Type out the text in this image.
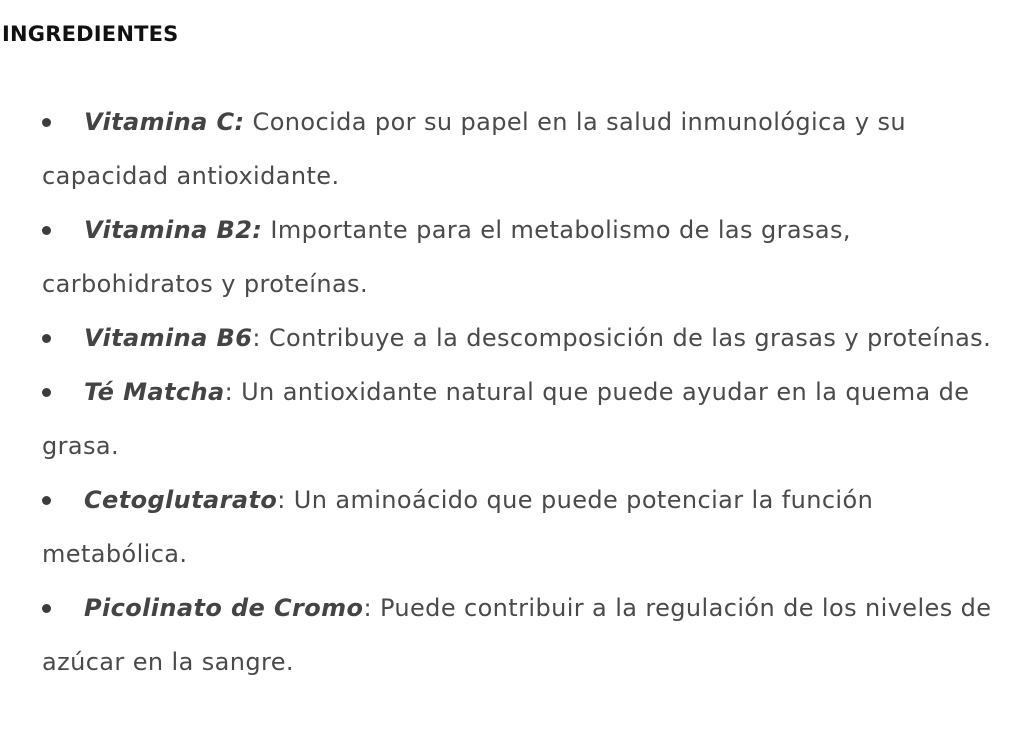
INGREDIENTES
Vitamina C: Conocida por su papel en la salud inmunológica y su capacidad antioxidante.
Vitamina B2: Importante para el metabolismo de las grasas, carbohidratos y proteínas.
Vitamina B6: Contribuye a la descomposición de las grasas y proteínas.
Té Matcha: Un antioxidante natural que puede ayudar en la quema de grasa.
Cetoglutarato: Un aminoácido que puede potenciar la función metabólica.
Picolinato de Cromo: Puede contribuir a la regulación de los niveles de azúcar en la sangre.
